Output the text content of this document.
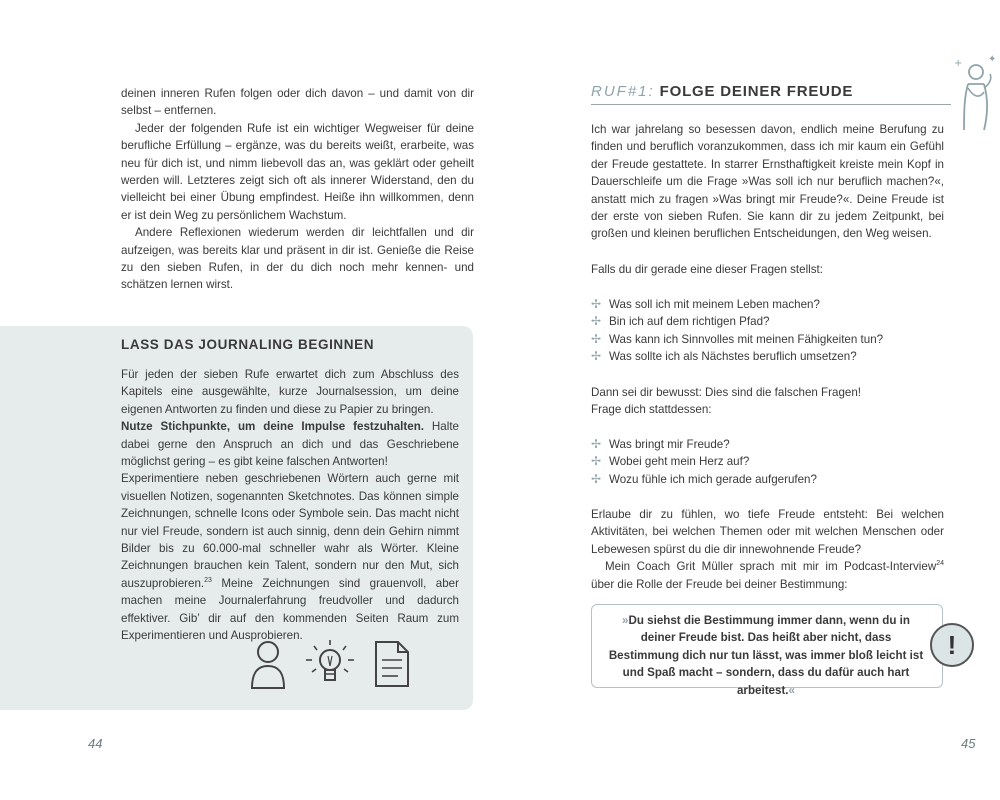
deinen inneren Rufen folgen oder dich davon – und damit von dir selbst – entfernen.

Jeder der folgenden Rufe ist ein wichtiger Wegweiser für deine berufliche Erfüllung – ergänze, was du bereits weißt, erarbeite, was neu für dich ist, und nimm liebevoll das an, was geklärt oder geheilt werden will. Letzteres zeigt sich oft als innerer Widerstand, den du vielleicht bei einer Übung empfindest. Heiße ihn willkommen, denn er ist dein Weg zu persönlichem Wachstum.

Andere Reflexionen wiederum werden dir leichtfallen und dir aufzeigen, was bereits klar und präsent in dir ist. Genieße die Reise zu den sieben Rufen, in der du dich noch mehr kennen- und schätzen lernen wirst.

LASS DAS JOURNALING BEGINNEN

Für jeden der sieben Rufe erwartet dich zum Abschluss des Kapitels eine ausgewählte, kurze Journalsession, um deine eigenen Antworten zu finden und diese zu Papier zu bringen.

Nutze Stichpunkte, um deine Impulse festzuhalten. Halte dabei gerne den Anspruch an dich und das Geschriebene möglichst gering – es gibt keine falschen Antworten!

Experimentiere neben geschriebenen Wörtern auch gerne mit visuellen Notizen, sogenannten Sketchnotes. Das können simple Zeichnungen, schnelle Icons oder Symbole sein. Das macht nicht nur viel Freude, sondern ist auch sinnig, denn dein Gehirn nimmt Bilder bis zu 60.000-mal schneller wahr als Wörter. Kleine Zeichnungen brauchen kein Talent, sondern nur den Mut, sich auszuprobieren.$^{23}$ Meine Zeichnungen sind grauenvoll, aber machen meine Journalerfahrung freudvoller und dadurch effektiver. Gib’ dir auf den kommenden Seiten Raum zum Experimentieren und Ausprobieren.

44
RUF#1: FOLGE DEINER FREUDE
+	✦
Ich war jahrelang so besessen davon, endlich meine Berufung zu finden und beruflich voranzukommen, dass ich mir kaum ein Gefühl der Freude gestattete. In starrer Ernsthaftigkeit kreiste mein Kopf in Dauerschleife um die Frage »Was soll ich nur beruflich machen?«, anstatt mich zu fragen »Was bringt mir Freude?«. Deine Freude ist der erste von sieben Rufen. Sie kann dir zu jedem Zeitpunkt, bei großen und kleinen beruflichen Entscheidungen, den Weg weisen.
Falls du dir gerade eine dieser Fragen stellst:
✢ Was soll ich mit meinem Leben machen?
✢ Bin ich auf dem richtigen Pfad?
✢ Was kann ich Sinnvolles mit meinen Fähigkeiten tun?
✢ Was sollte ich als Nächstes beruflich umsetzen?

Dann sei dir bewusst: Dies sind die falschen Fragen!

Frage dich stattdessen:

✢ Was bringt mir Freude?
✢ Wobei geht mein Herz auf?
✢ Wozu fühle ich mich gerade aufgerufen?

Erlaube dir zu fühlen, wo tiefe Freude entsteht: Bei welchen Aktivitäten, bei welchen Themen oder mit welchen Menschen oder Lebewesen spürst du die dir innewohnende Freude?

Mein Coach Grit Müller sprach mit mir im Podcast-Interview$^{24}$ über die Rolle der Freude bei deiner Bestimmung:

»Du siehst die Bestimmung immer dann, wenn du in deiner Freude bist. Das heißt aber nicht, dass Bestimmung dich nur tun lässt, was immer bloß leicht ist und Spaß macht – sondern, dass du dafür auch hart arbeitest.«
!
45
